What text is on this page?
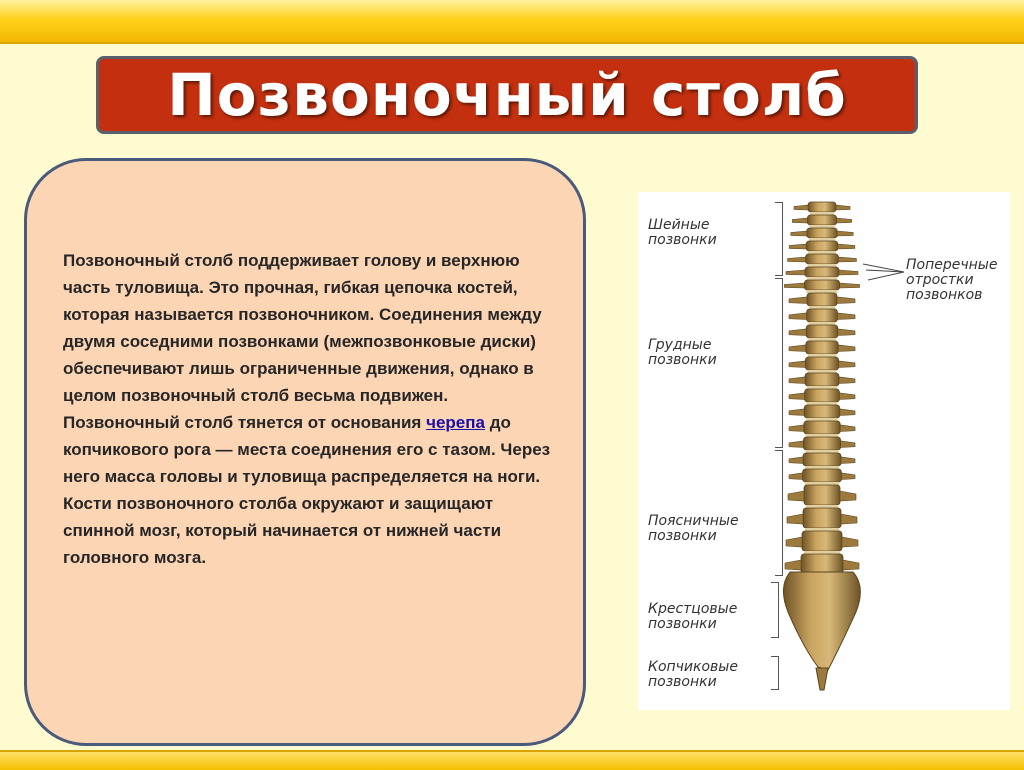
Позвоночный столб

Позвоночный столб поддерживает голову и верхнюю часть туловища. Это прочная, гибкая цепочка костей, которая называется позвоночником. Соединения между двумя соседними позвонками (межпозвонковые диски) обеспечивают лишь ограниченные движения, однако в целом позвоночный столб весьма подвижен.

Позвоночный столб тянется от основания черепа до копчикового рога — места соединения его с тазом. Через него масса головы и туловища распределяется на ноги.

Кости позвоночного столба окружают и защищают спинной мозг, который начинается от нижней части головного мозга.

Шейные
позвонки
Грудные
позвонки
Поясничные
позвонки
Крестцовые
позвонки
Копчиковые
позвонки
Поперечные
отростки
позвонков
